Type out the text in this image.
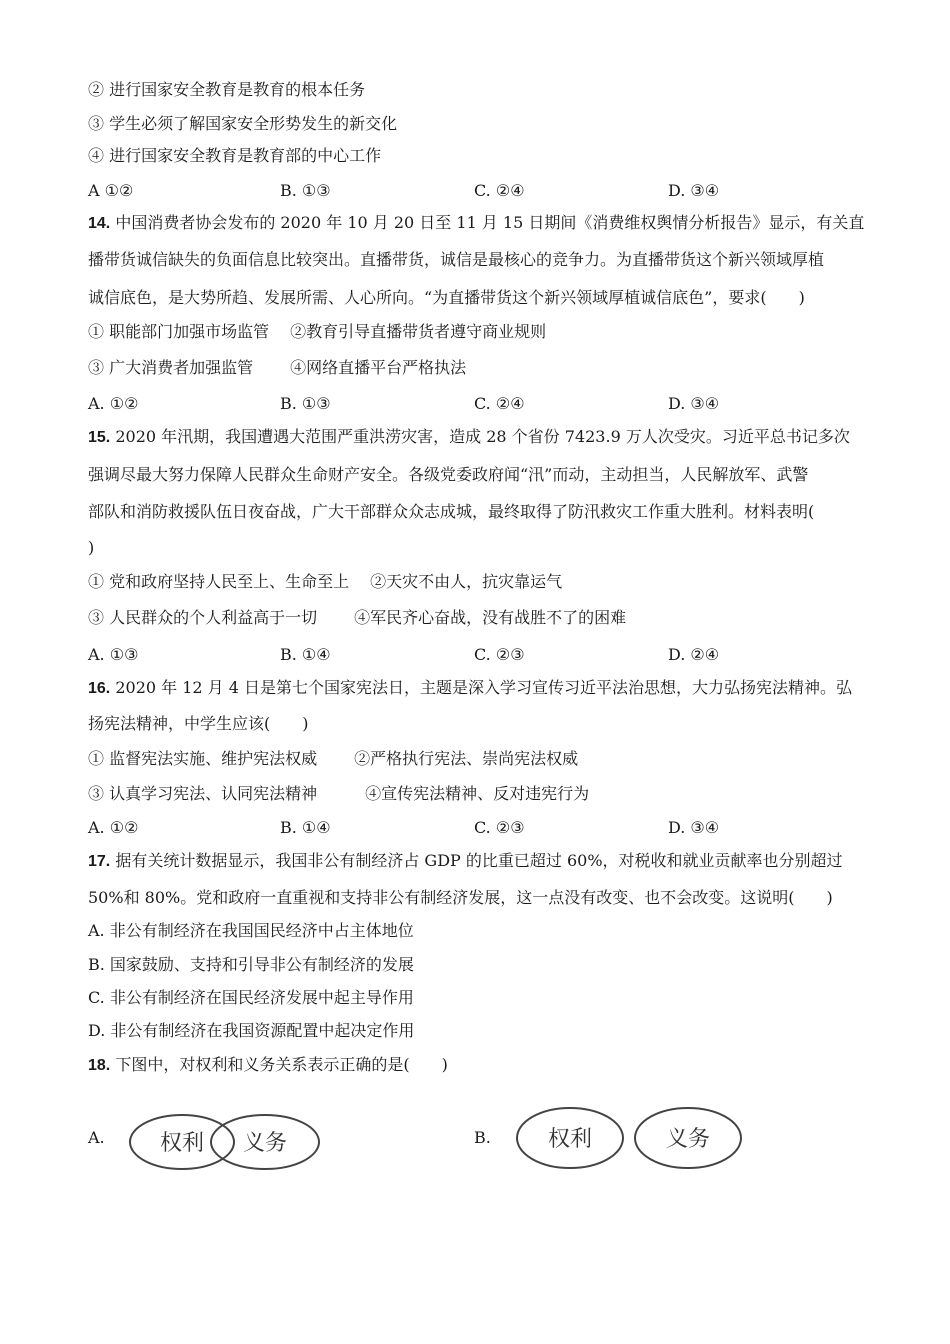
② 进行国家安全教育是教育的根本任务
③ 学生必须了解国家安全形势发生的新交化
④ 进行国家安全教育是教育部的中心工作
A ①②	B. ①③	C. ②④	D. ③④
14. 中国消费者协会发布的 2020 年 10 月 20 日至 11 月 15 日期间《消费维权舆情分析报告》显示，有关直
播带货诚信缺失的负面信息比较突出。直播带货，诚信是最核心的竞争力。为直播带货这个新兴领域厚植
诚信底色，是大势所趋、发展所需、人心所向。“为直播带货这个新兴领域厚植诚信底色”，要求(　　)
① 职能部门加强市场监管　 ②教育引导直播带货者遵守商业规则
③ 广大消费者加强监管　　 ④网络直播平台严格执法
A. ①②	B. ①③	C. ②④	D. ③④
15. 2020 年汛期，我国遭遇大范围严重洪涝灾害，造成 28 个省份 7423.9 万人次受灾。习近平总书记多次
强调尽最大努力保障人民群众生命财产安全。各级党委政府闻“汛”而动，主动担当，人民解放军、武警
部队和消防救援队伍日夜奋战，广大干部群众众志成城，最终取得了防汛救灾工作重大胜利。材料表明(
)
① 党和政府坚持人民至上、生命至上　 ②天灾不由人，抗灾靠运气
③ 人民群众的个人利益高于一切　　 ④军民齐心奋战，没有战胜不了的困难
A. ①③	B. ①④	C. ②③	D. ②④
16. 2020 年 12 月 4 日是第七个国家宪法日，主题是深入学习宣传习近平法治思想，大力弘扬宪法精神。弘
扬宪法精神，中学生应该(　　)
① 监督宪法实施、维护宪法权威　　 ②严格执行宪法、崇尚宪法权威
③ 认真学习宪法、认同宪法精神　　　④宣传宪法精神、反对违宪行为
A. ①②	B. ①④	C. ②③	D. ③④
17. 据有关统计数据显示，我国非公有制经济占 GDP 的比重已超过 60%，对税收和就业贡献率也分别超过
50%和 80%。党和政府一直重视和支持非公有制经济发展，这一点没有改变、也不会改变。这说明(　　)
A. 非公有制经济在我国国民经济中占主体地位
B. 国家鼓励、支持和引导非公有制经济的发展
C. 非公有制经济在国民经济发展中起主导作用
D. 非公有制经济在我国资源配置中起决定作用
18. 下图中，对权利和义务关系表示正确的是(　　)
A.	权利 义务	B.	权利	义务
